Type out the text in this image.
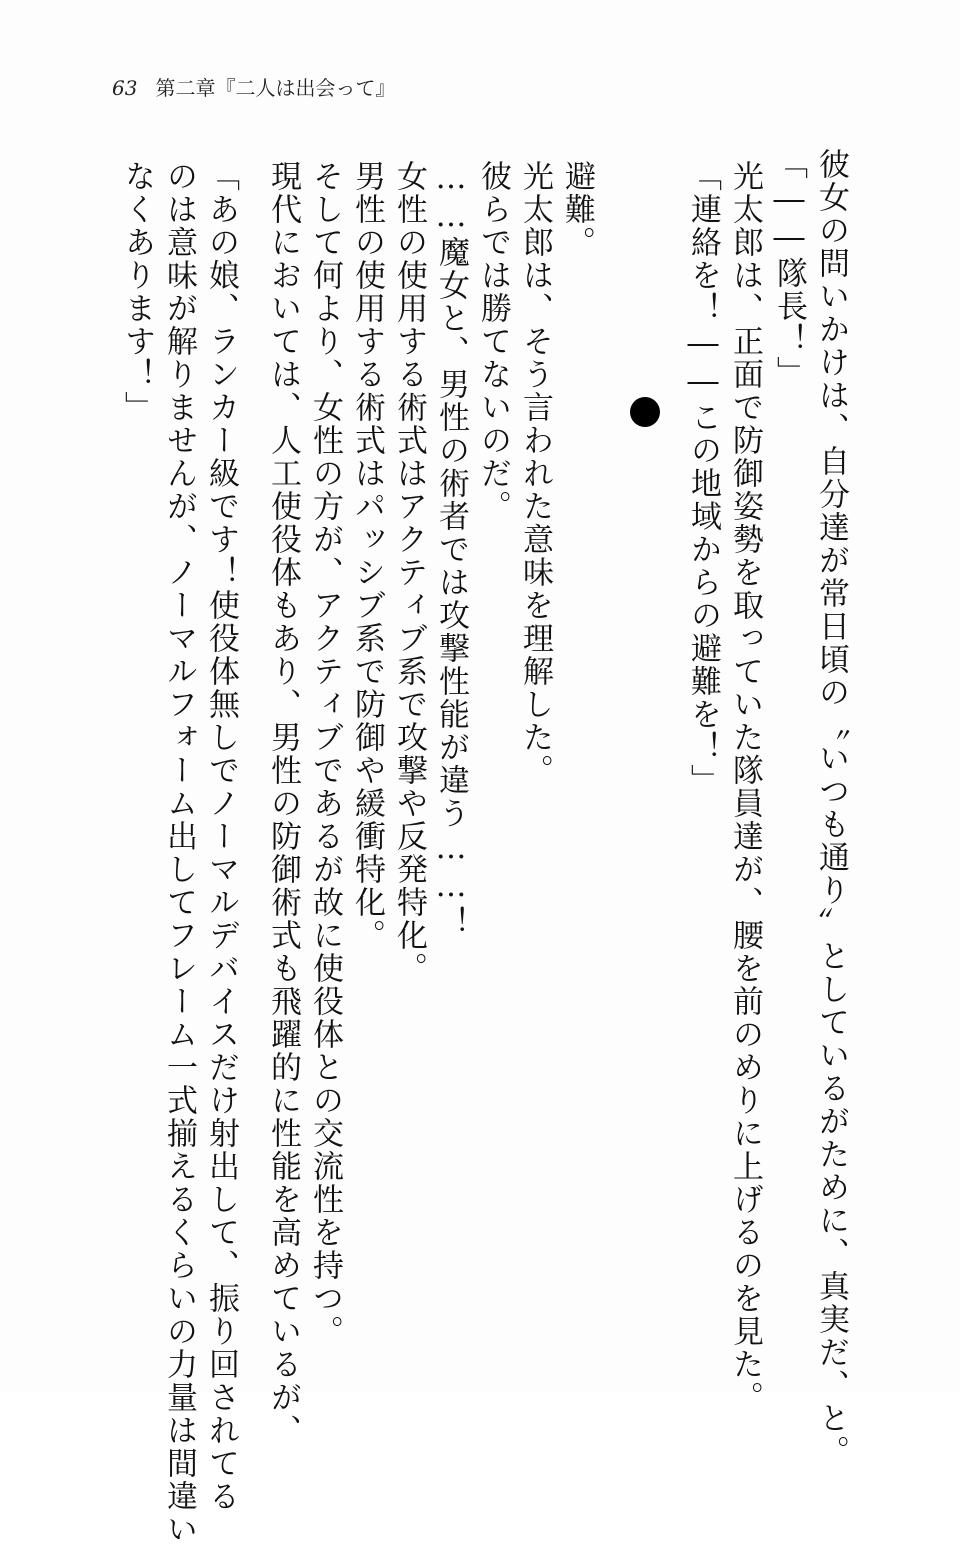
63 第二章『二人は出会って』
彼女の問いかけは、自分達が常日頃の〝いつも通り〟としているがために、真実だ、と。
「――隊長！」
光太郎は、正面で防御姿勢を取っていた隊員達が、腰を前のめりに上げるのを見た。
「連絡を！――この地域からの避難を！」
避難。
光太郎は、そう言われた意味を理解した。
彼らでは勝てないのだ。
……魔女と、男性の術者では攻撃性能が違う……！
女性の使用する術式はアクティブ系で攻撃や反発特化。
男性の使用する術式はパッシブ系で防御や緩衝特化。
そして何より、女性の方が、アクティブであるが故に使役体との交流性を持つ。
現代においては、人工使役体もあり、男性の防御術式も飛躍的に性能を高めているが、
「あの娘、ランカー級です！使役体無しでノーマルデバイスだけ射出して、振り回されてる
のは意味が解りませんが、ノーマルフォーム出してフレーム一式揃えるくらいの力量は間違い
なくあります！」
